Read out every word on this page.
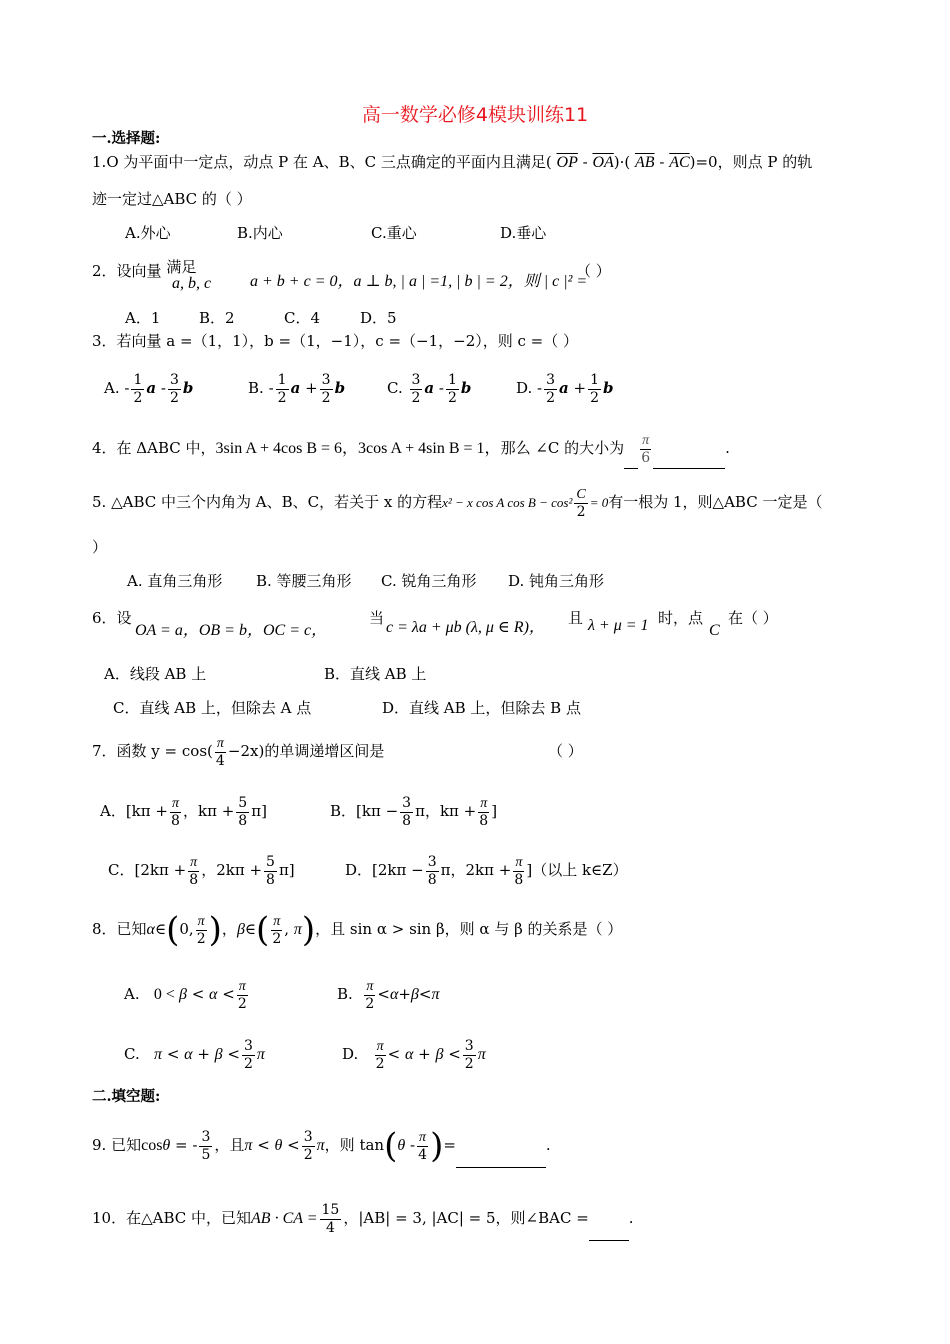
高一数学必修4模块训练11
一.选择题:
1.O 为平面中一定点，动点 P 在 A、B、C 三点确定的平面内且满足( $\overline{OP} - \overline{OA})\cdot$( $\overline{AB} - \overline{AC})=0$，则点 P 的轨
迹一定过△ABC 的（ ）
A.外心	B.内心	C.重心	D.垂心
2．设向量 满足
a, b, c a + b + c = 0，a ⊥ b, | a | =1, | b | = 2，则 | c |² =
（ ）
A．1	B．2	C．4	D．5
3．若向量 a =（1，1），b =（1，−1），c =（−1，−2），则 c =（ ）
A. - $\frac{1}{2}$ a - $\frac{3}{2}$ b	B. - $\frac{1}{2}$ $a + \frac{3}{2}$ b	C. $\frac{3}{2}$ a - $\frac{1}{2}$ b	D. - $\frac{3}{2}$ $a + \frac{1}{2}$ b
4．在 ΔABC 中，3sin A + 4cos B = 6，3cos A + 4sin B = 1，那么 ∠C 的大小为 $\frac{\pi}{6}$	.
5. △ABC 中三个内角为 A、B、C，若关于 x 的方程x² − x cos A $\cos B - \cos^2 \frac{C}{2} = 0$有一根为 1，则△ABC 一定是（
）
A. 直角三角形 B. 等腰三角形 C. 锐角三角形 D. 钝角三角形
6．设
OA = a，OB = b，OC = c，
当
c = λa + μb (λ, μ ∈ R)，
且 λ + μ = 1 时，点
C
在（ ）
A．线段 AB 上	B．直线 AB 上
C．直线 AB 上，但除去 A 点	D．直线 AB 上，但除去 B 点
7．函数 $y = \cos( \frac{\pi}{4} -2x)$的单调递增区间是	（ ）
A．[$k\pi + \frac{\pi}{8}$ ，$k\pi + \frac{5}{8} \pi$]	B．[$k\pi - \frac{3}{8}$ π，$k\pi + \frac{\pi}{8}$ ]
C．[$2k\pi + \frac{\pi}{8}$ ，$2k\pi + \frac{5}{8} \pi$]	D．[$2k\pi - \frac{3}{8}$ π，$2k\pi + \frac{\pi}{8}$ ]（以上 k∈Z）
8．已知α∈(0, $\frac{\pi}{2}$ )，β∈( $\frac{\pi}{2}$ , π)，且 sin α > sin β，则 α 与 β 的关系是（ ）
A. $0 < \beta < \alpha < \frac{\pi}{2}$	B. $\frac{\pi}{2} <\alpha+\beta<\pi$
C. $\pi < \alpha + \beta < \frac{3}{2}$ π	D. $\frac{\pi}{2} < \alpha + \beta < \frac{3}{2}$ π
二.填空题:
9. 已知cosθ = - $\frac{3}{5}$ ，且$\pi < \theta < \frac{3}{2}$ π，则 $\tan(\theta - \frac{\pi}{4}$ )=	.
10．在△ABC 中，已知AB · CA = $\frac{15}{4}$ ，|AB| = 3, |AC| = 5，则∠BAC =	.
